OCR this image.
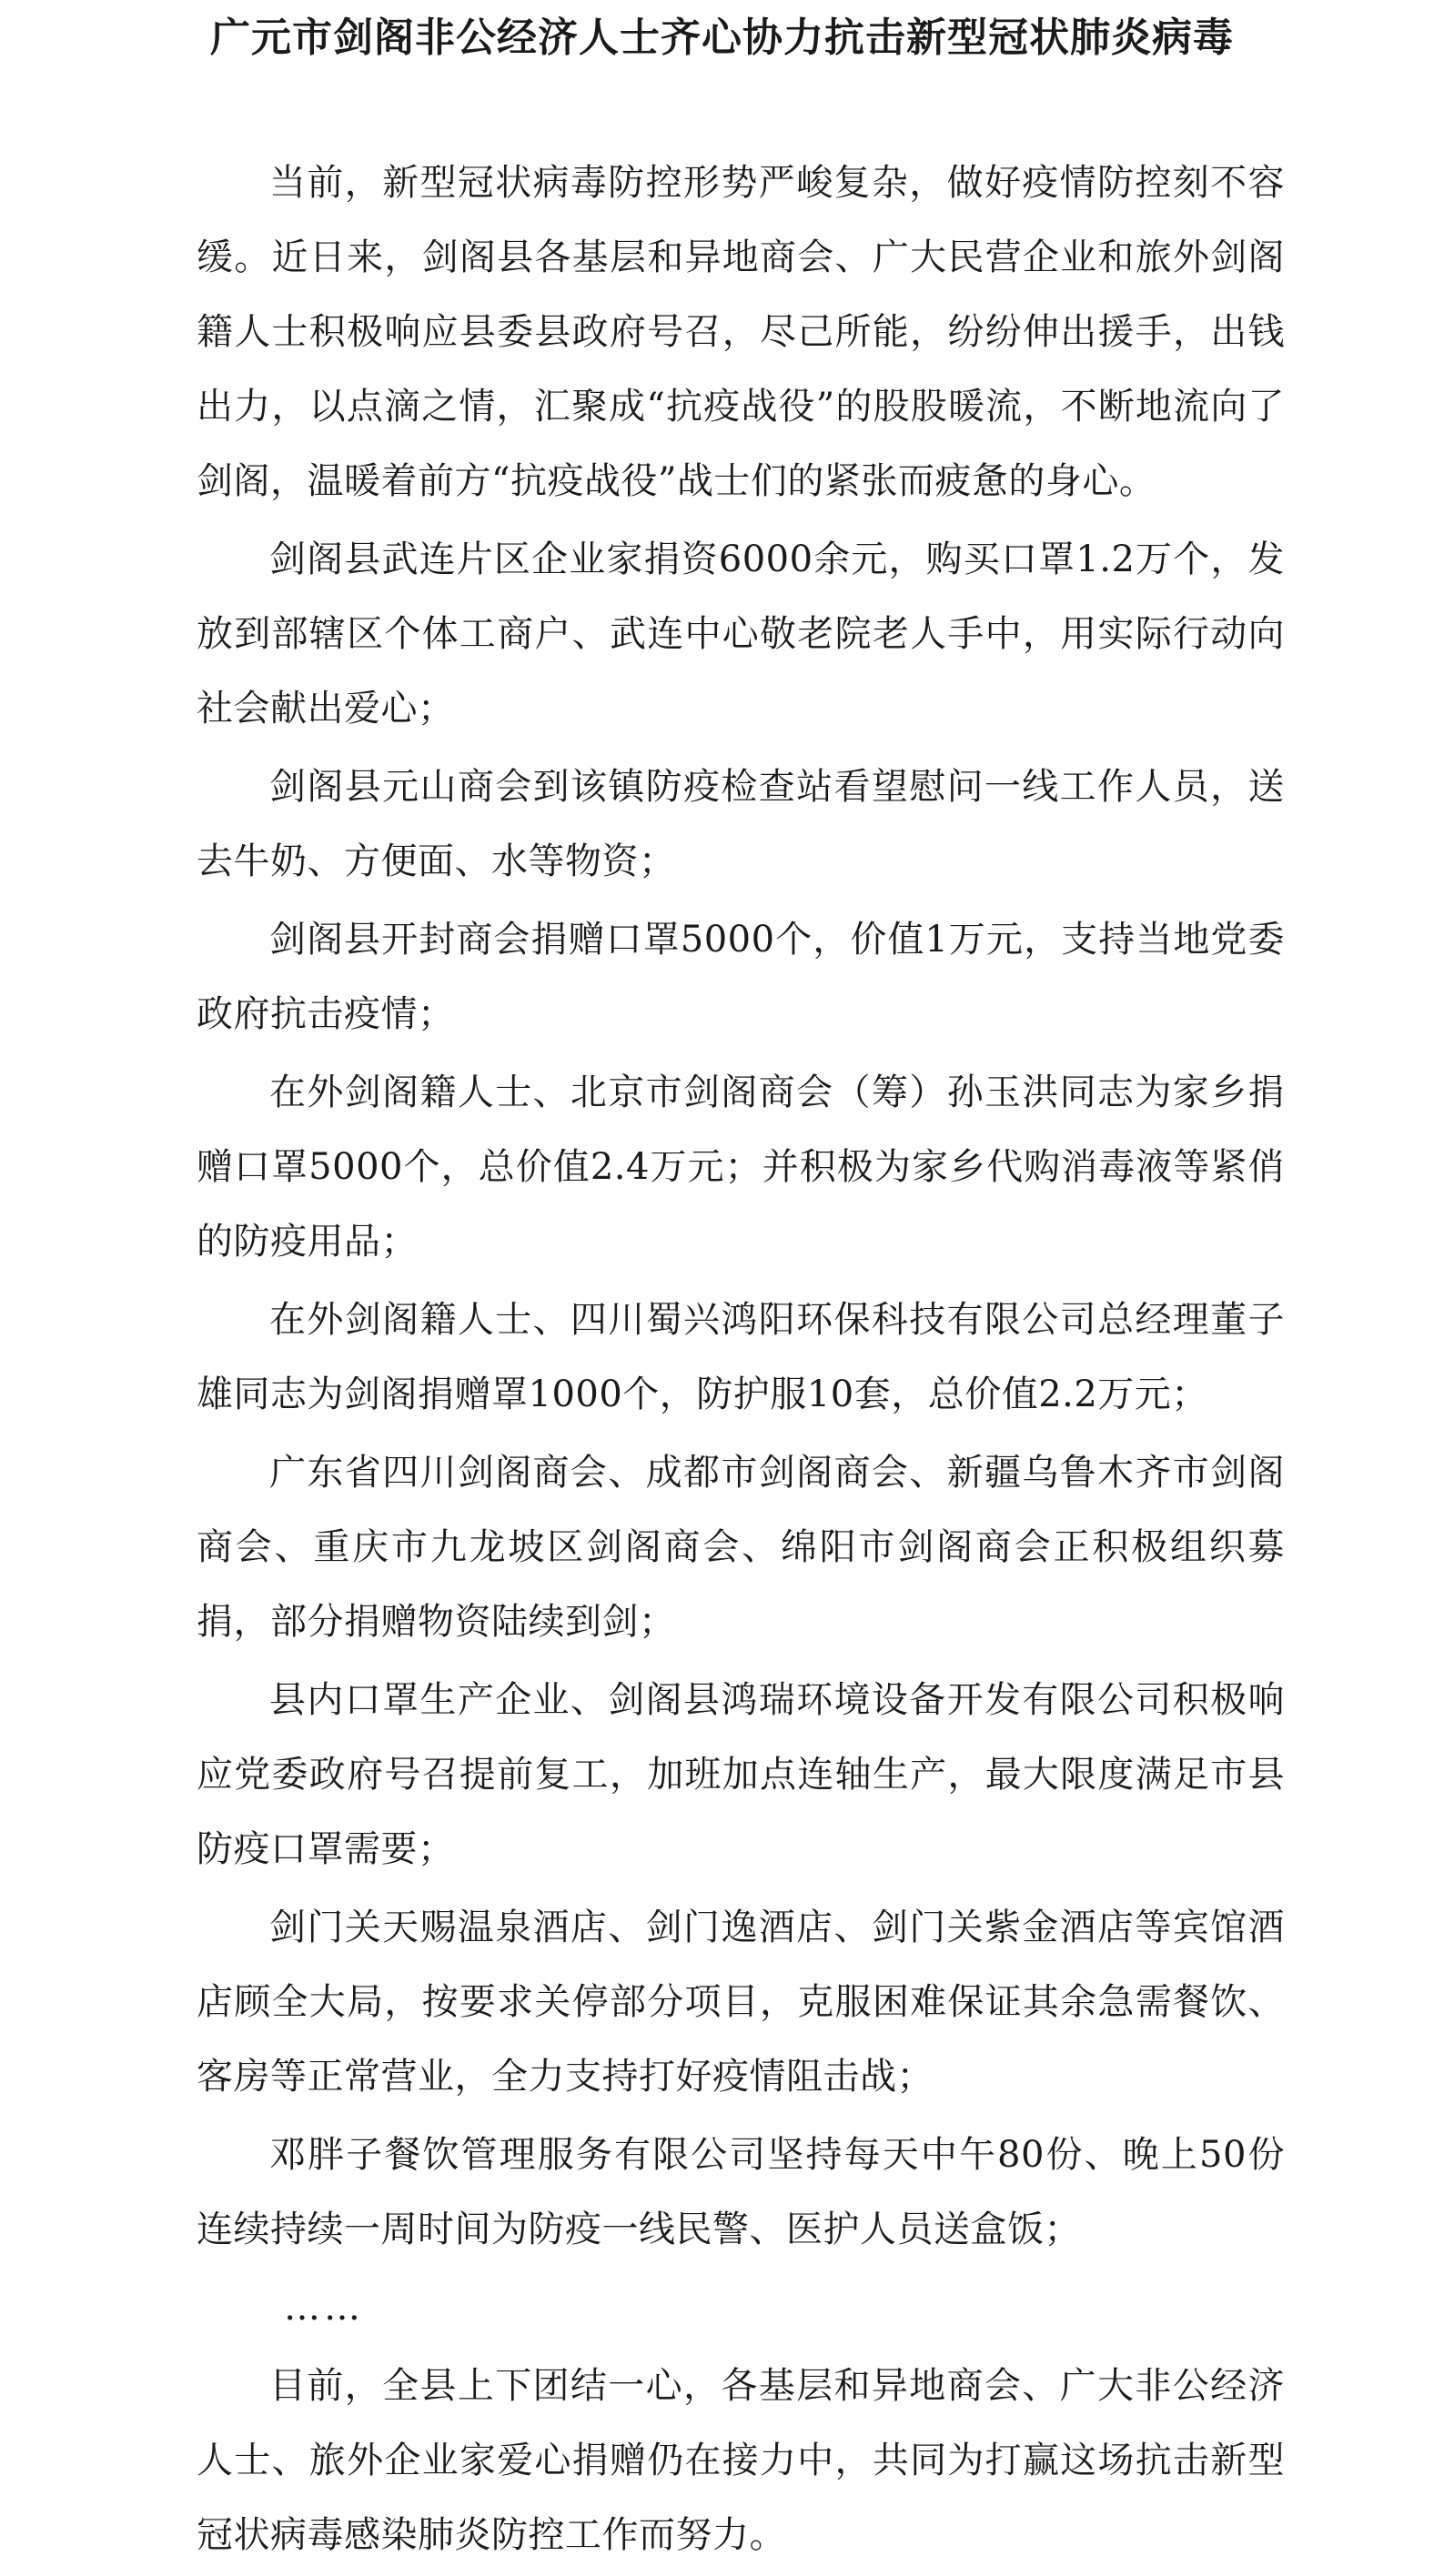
广元市剑阁非公经济人士齐心协力抗击新型冠状肺炎病毒

当前，新型冠状病毒防控形势严峻复杂，做好疫情防控刻不容缓。近日来，剑阁县各基层和异地商会、广大民营企业和旅外剑阁籍人士积极响应县委县政府号召，尽己所能，纷纷伸出援手，出钱出力，以点滴之情，汇聚成“抗疫战役”的股股暖流，不断地流向了剑阁，温暖着前方“抗疫战役”战士们的紧张而疲惫的身心。

剑阁县武连片区企业家捐资6000余元，购买口罩1.2万个，发放到部辖区个体工商户、武连中心敬老院老人手中，用实际行动向社会献出爱心；

剑阁县元山商会到该镇防疫检查站看望慰问一线工作人员，送去牛奶、方便面、水等物资；

剑阁县开封商会捐赠口罩5000个，价值1万元，支持当地党委政府抗击疫情；

在外剑阁籍人士、北京市剑阁商会（筹）孙玉洪同志为家乡捐赠口罩5000个，总价值2.4万元；并积极为家乡代购消毒液等紧俏的防疫用品；

在外剑阁籍人士、四川蜀兴鸿阳环保科技有限公司总经理董子雄同志为剑阁捐赠罩1000个，防护服10套，总价值2.2万元；

广东省四川剑阁商会、成都市剑阁商会、新疆乌鲁木齐市剑阁商会、重庆市九龙坡区剑阁商会、绵阳市剑阁商会正积极组织募捐，部分捐赠物资陆续到剑；

县内口罩生产企业、剑阁县鸿瑞环境设备开发有限公司积极响应党委政府号召提前复工，加班加点连轴生产，最大限度满足市县防疫口罩需要；

剑门关天赐温泉酒店、剑门逸酒店、剑门关紫金酒店等宾馆酒店顾全大局，按要求关停部分项目，克服困难保证其余急需餐饮、客房等正常营业，全力支持打好疫情阻击战；

邓胖子餐饮管理服务有限公司坚持每天中午80份、晚上50份连续持续一周时间为防疫一线民警、医护人员送盒饭；

……

目前，全县上下团结一心，各基层和异地商会、广大非公经济人士、旅外企业家爱心捐赠仍在接力中，共同为打赢这场抗击新型冠状病毒感染肺炎防控工作而努力。
